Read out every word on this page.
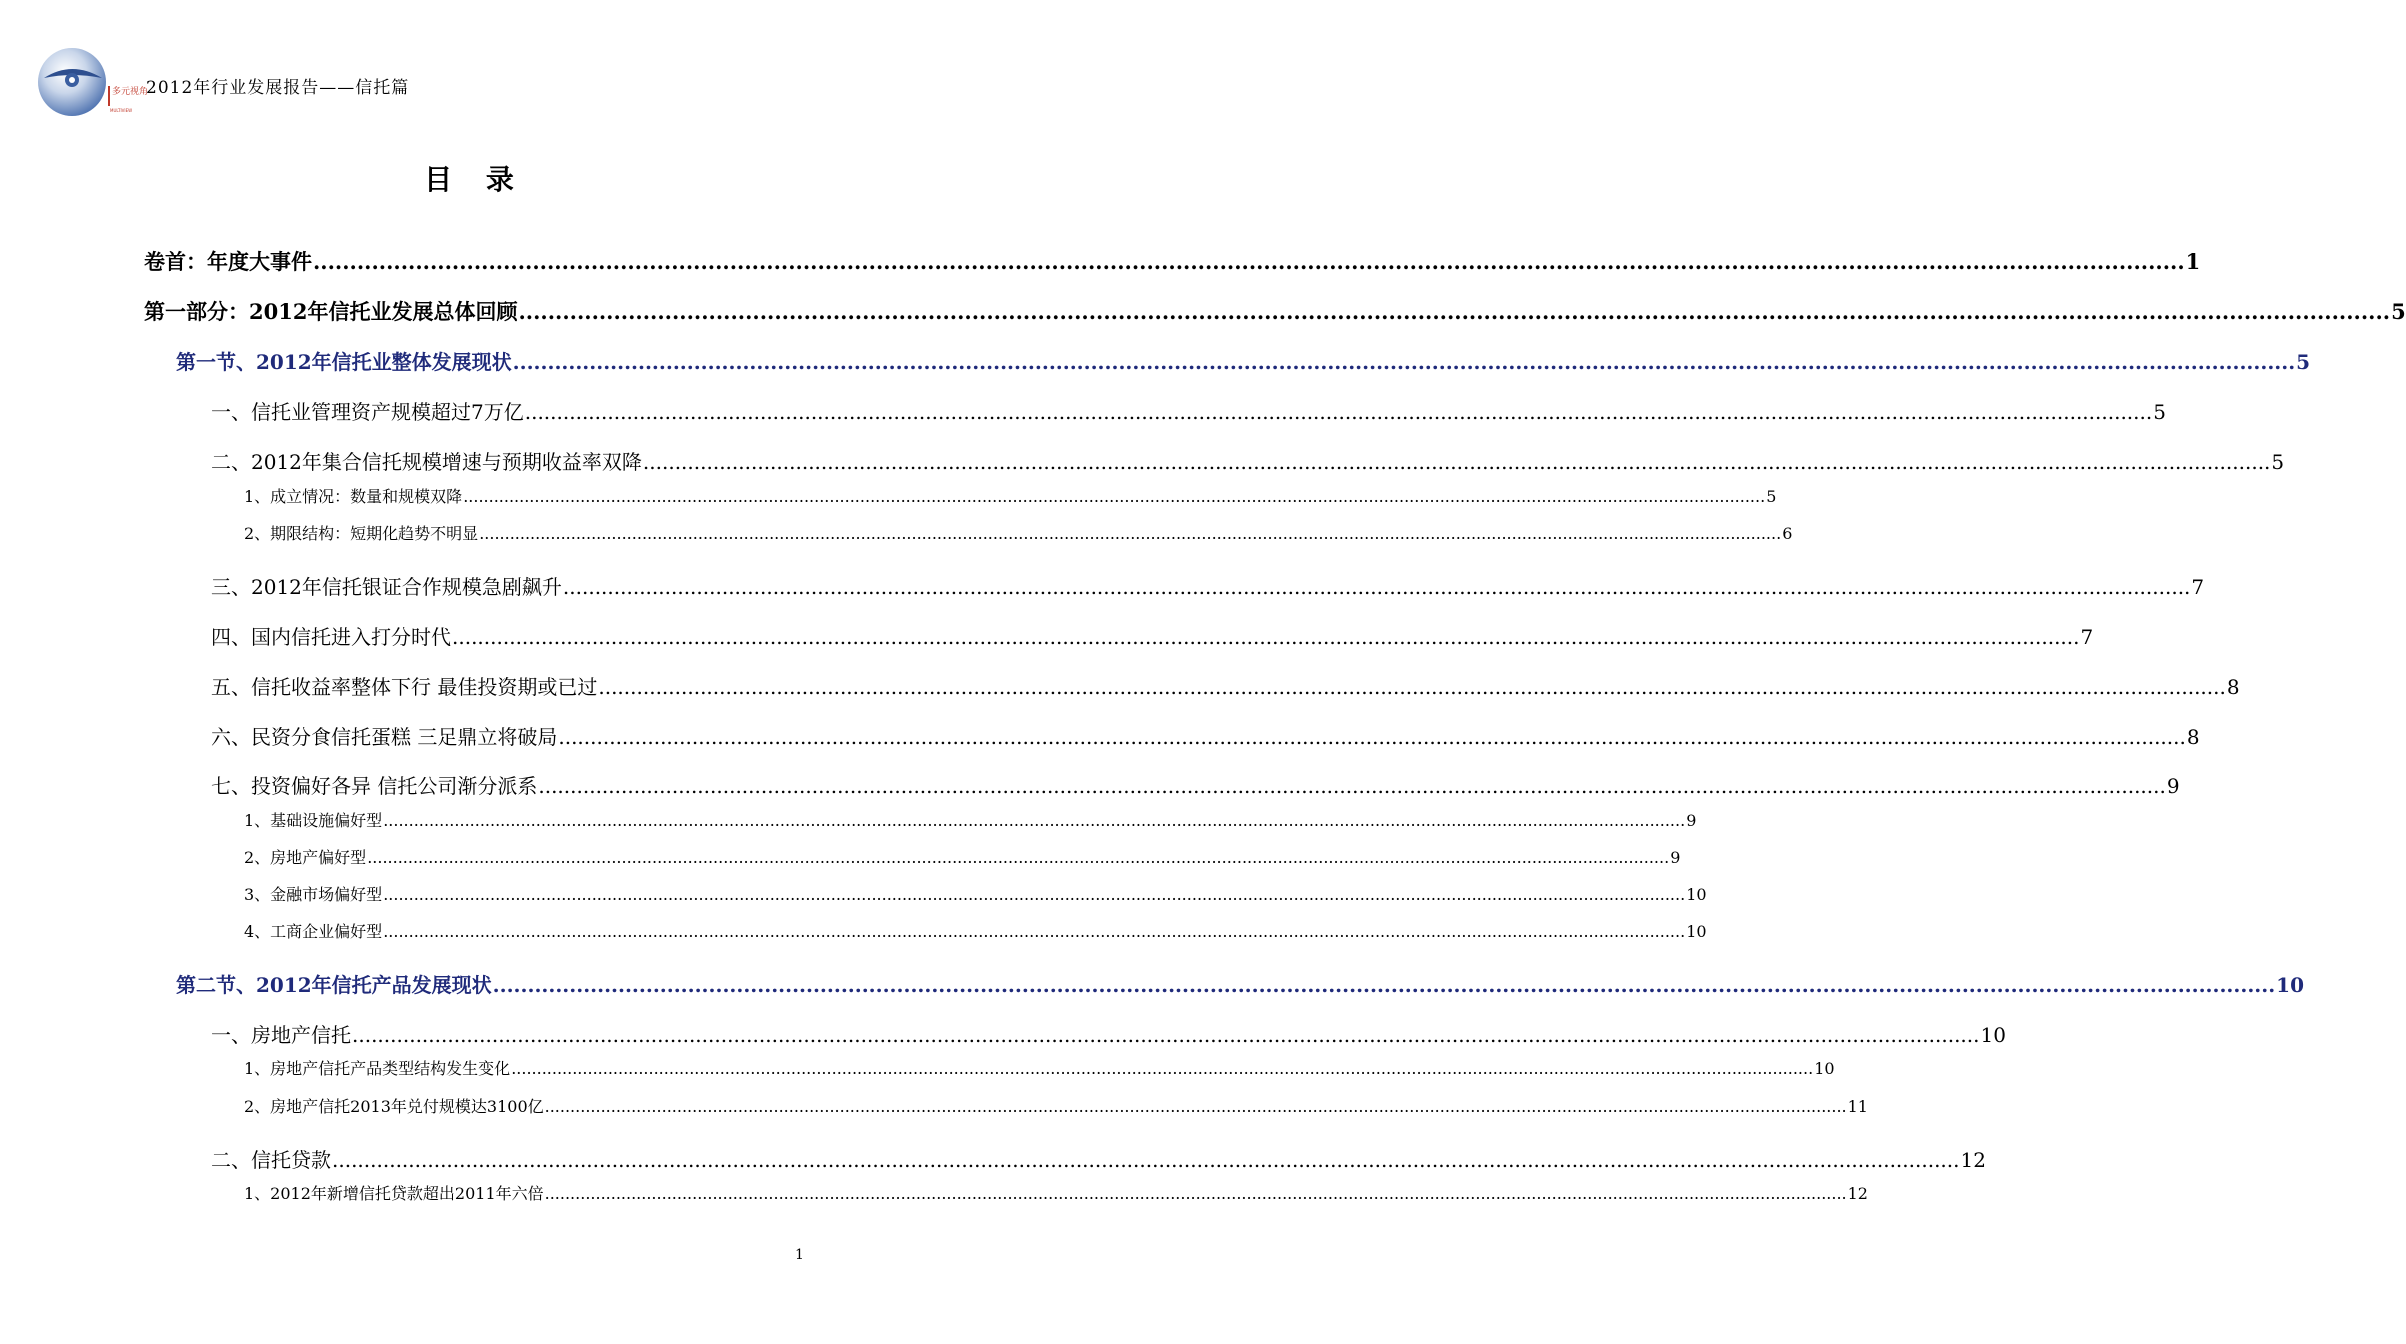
多元视角
MULTIVIEW
2012年行业发展报告——信托篇
目 录
卷首：年度大事件 .....	1
第一部分：2012年信托业发展总体回顾 .....	5
第一节、2012年信托业整体发展现状 .....	5
一、信托业管理资产规模超过7万亿 .....	5
二、2012年集合信托规模增速与预期收益率双降 .....	5
1、成立情况：数量和规模双降 .....	5
2、期限结构：短期化趋势不明显 .....	6
三、2012年信托银证合作规模急剧飙升 .....	7
四、国内信托进入打分时代 .....	7
五、信托收益率整体下行 最佳投资期或已过 .....	8
六、民资分食信托蛋糕 三足鼎立将破局 .....	8
七、投资偏好各异 信托公司渐分派系 .....	9
1、基础设施偏好型 .....	9
2、房地产偏好型 .....	9
3、金融市场偏好型 .....	10
4、工商企业偏好型 .....	10
第二节、2012年信托产品发展现状 .....	10
一、房地产信托 .....	10
1、房地产信托产品类型结构发生变化 .....	10
2、房地产信托2013年兑付规模达3100亿 .....	11
二、信托贷款 .....	12
1、2012年新增信托贷款超出2011年六倍 .....	12
1
